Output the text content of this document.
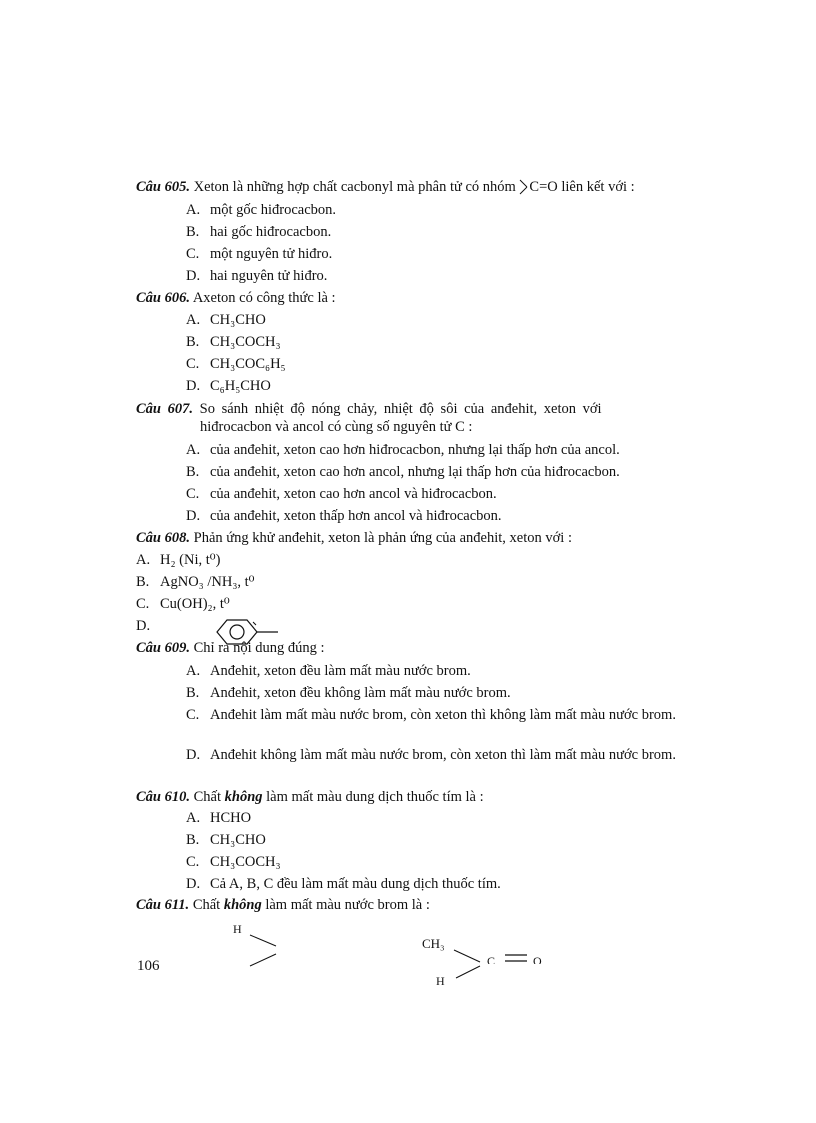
Câu 605. Xeton là những hợp chất cacbonyl mà phân tử có nhóm C=O liên kết với :
A. một gốc hiđrocacbon.
B. hai gốc hiđrocacbon.
C. một nguyên tử hiđro.
D. hai nguyên tử hiđro.
Câu 606. Axeton có công thức là :
A. CH₃CHO
B. CH₃COCH₃
C. CH₃COC₆H₅
D. C₆H₅CHO
Câu 607. So sánh nhiệt độ nóng chảy, nhiệt độ sôi của anđehit, xeton với
hiđrocacbon và ancol có cùng số nguyên tử C :
A. của anđehit, xeton cao hơn hiđrocacbon, nhưng lại thấp hơn của ancol.
B. của anđehit, xeton cao hơn ancol, nhưng lại thấp hơn của hiđrocacbon.
C. của anđehit, xeton cao hơn ancol và hiđrocacbon.
D. của anđehit, xeton thấp hơn ancol và hiđrocacbon.
Câu 608. Phản ứng khử anđehit, xeton là phản ứng của anđehit, xeton với :
A. H₂ (Ni, t⁰)
B. AgNO₃ /NH₃, t⁰
C. Cu(OH)₂, t⁰
D.
Câu 609. Chỉ ra nội dung đúng :
A. Anđehit, xeton đều làm mất màu nước brom.
B. Anđehit, xeton đều không làm mất màu nước brom.
C. Anđehit làm mất màu nước brom, còn xeton thì không làm mất màu nước brom.
D. Anđehit không làm mất màu nước brom, còn xeton thì làm mất màu nước brom.
Câu 610. Chất không làm mất màu dung dịch thuốc tím là :
A. HCHO
B. CH₃CHO
C. CH₃COCH₃
D. Cả A, B, C đều làm mất màu dung dịch thuốc tím.
Câu 611. Chất không làm mất màu nước brom là :
H
CH₃
C	O
H
106
